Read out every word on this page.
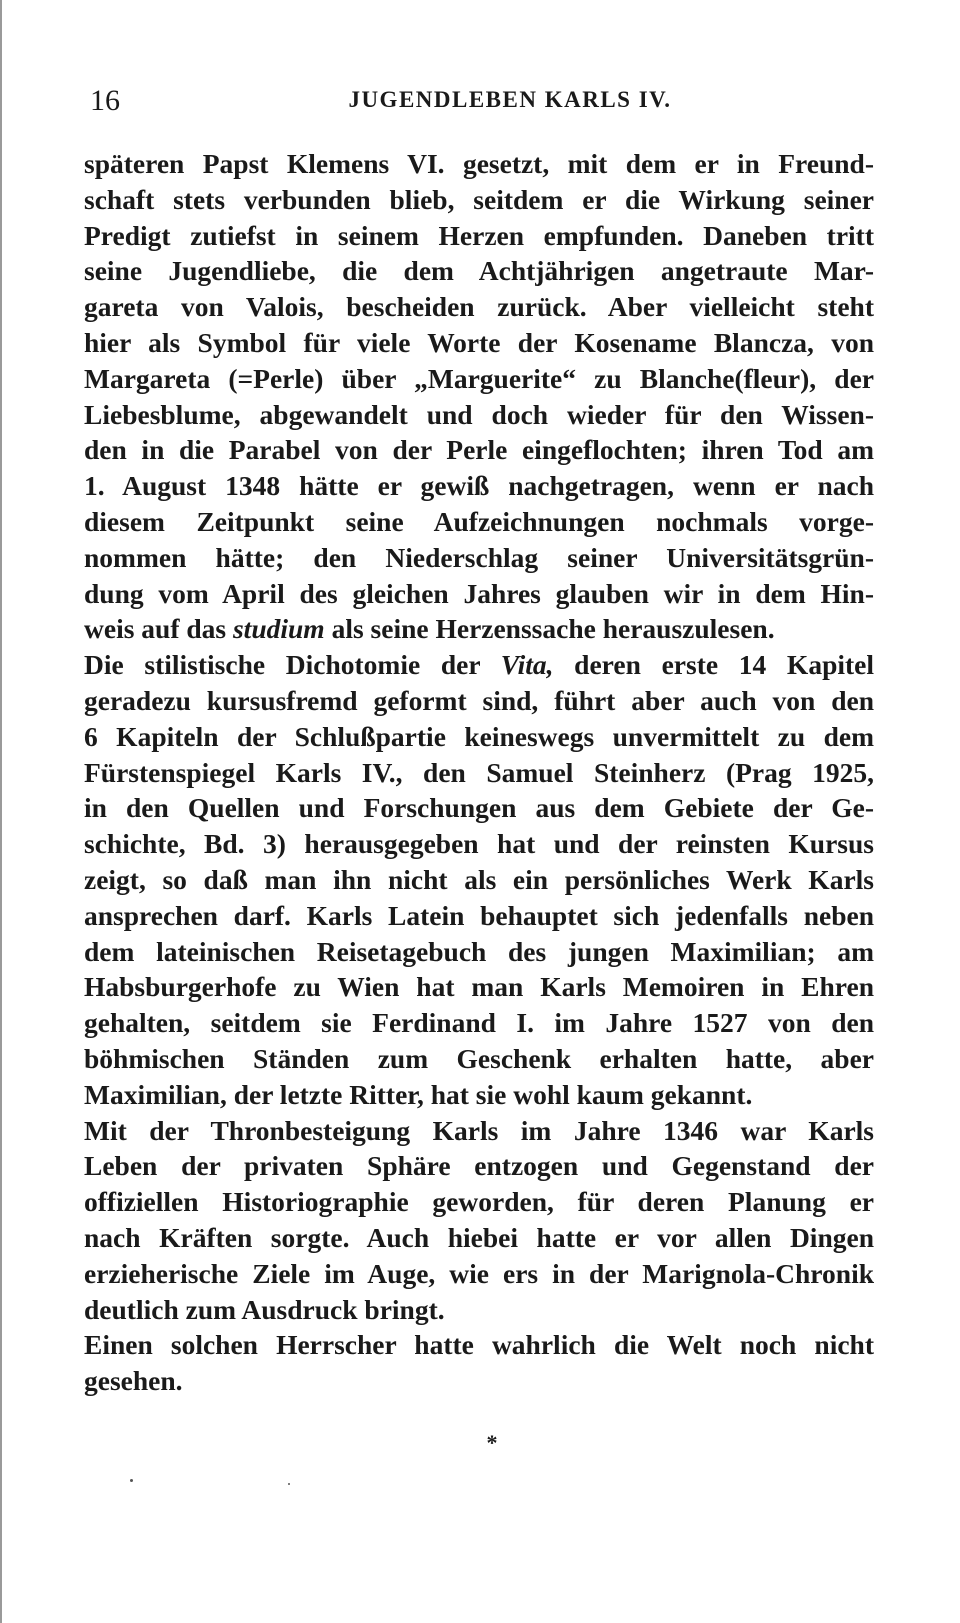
16	JUGENDLEBEN KARLS IV.
späteren Papst Klemens VI. gesetzt, mit dem er in Freund-
schaft stets verbunden blieb, seitdem er die Wirkung seiner
Predigt zutiefst in seinem Herzen empfunden. Daneben tritt
seine Jugendliebe, die dem Achtjährigen angetraute Mar-
gareta von Valois, bescheiden zurück. Aber vielleicht steht
hier als Symbol für viele Worte der Kosename Blancza, von
Margareta (=Perle) über „Marguerite“ zu Blanche(fleur), der
Liebesblume, abgewandelt und doch wieder für den Wissen-
den in die Parabel von der Perle eingeflochten; ihren Tod am
1. August 1348 hätte er gewiß nachgetragen, wenn er nach
diesem Zeitpunkt seine Aufzeichnungen nochmals vorge-
nommen hätte; den Niederschlag seiner Universitätsgrün-
dung vom April des gleichen Jahres glauben wir in dem Hin-
weis auf das studium als seine Herzenssache herauszulesen.
Die stilistische Dichotomie der Vita, deren erste 14 Kapitel
geradezu kursusfremd geformt sind, führt aber auch von den
6 Kapiteln der Schlußpartie keineswegs unvermittelt zu dem
Fürstenspiegel Karls IV., den Samuel Steinherz (Prag 1925,
in den Quellen und Forschungen aus dem Gebiete der Ge-
schichte, Bd. 3) herausgegeben hat und der reinsten Kursus
zeigt, so daß man ihn nicht als ein persönliches Werk Karls
ansprechen darf. Karls Latein behauptet sich jedenfalls neben
dem lateinischen Reisetagebuch des jungen Maximilian; am
Habsburgerhofe zu Wien hat man Karls Memoiren in Ehren
gehalten, seitdem sie Ferdinand I. im Jahre 1527 von den
böhmischen Ständen zum Geschenk erhalten hatte, aber
Maximilian, der letzte Ritter, hat sie wohl kaum gekannt.
Mit der Thronbesteigung Karls im Jahre 1346 war Karls
Leben der privaten Sphäre entzogen und Gegenstand der
offiziellen Historiographie geworden, für deren Planung er
nach Kräften sorgte. Auch hiebei hatte er vor allen Dingen
erzieherische Ziele im Auge, wie ers in der Marignola-Chronik
deutlich zum Ausdruck bringt.
Einen solchen Herrscher hatte wahrlich die Welt noch nicht
gesehen.
*
